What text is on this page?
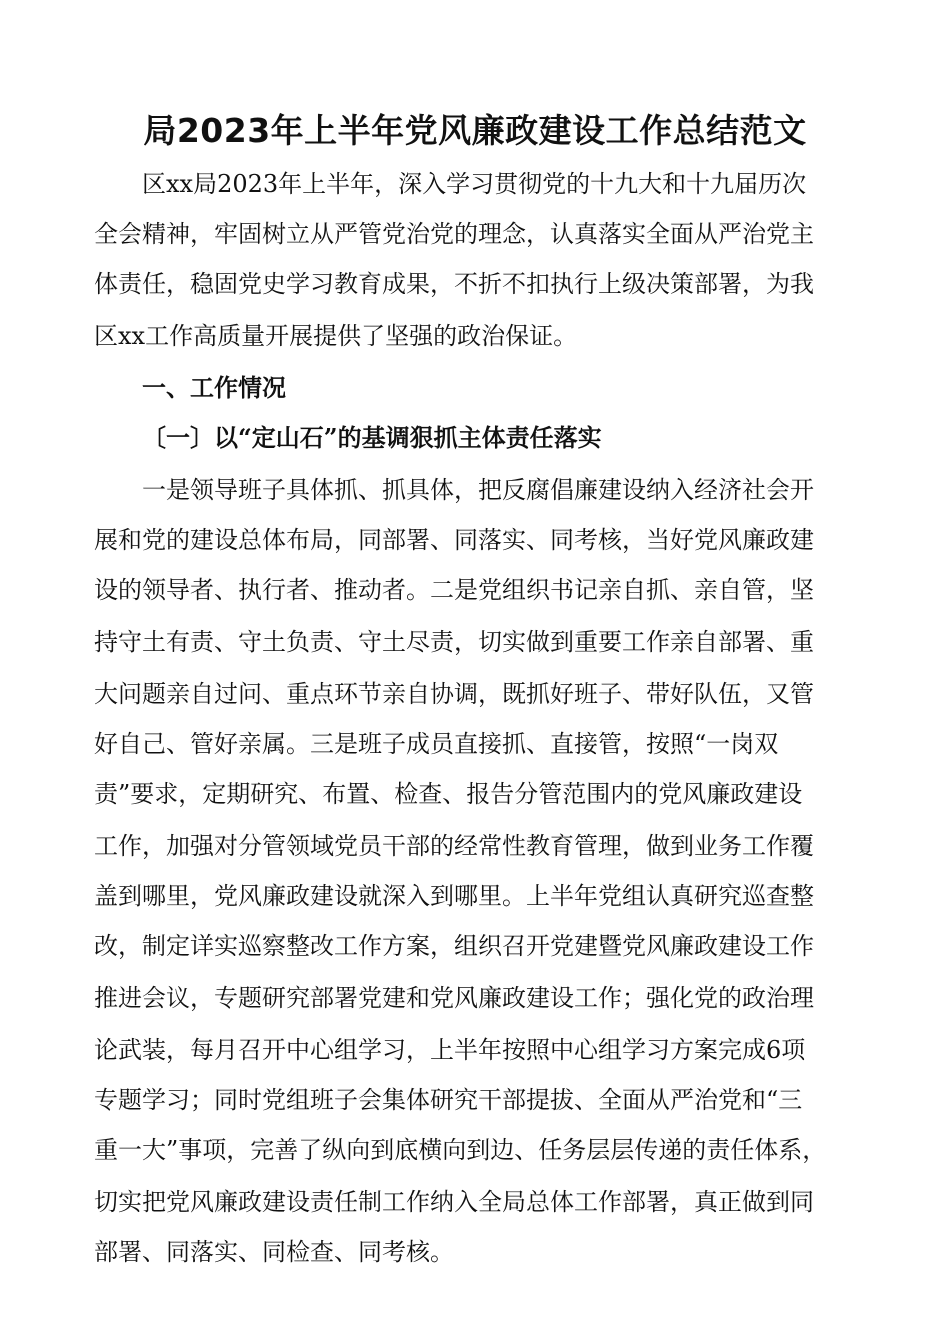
局2023年上半年党风廉政建设工作总结范文
区xx局2023年上半年，深入学习贯彻党的十九大和十九届历次
全会精神，牢固树立从严管党治党的理念，认真落实全面从严治党主
体责任，稳固党史学习教育成果，不折不扣执行上级决策部署，为我
区xx工作高质量开展提供了坚强的政治保证。
一、工作情况
〔一〕以“定山石”的基调狠抓主体责任落实
一是领导班子具体抓、抓具体，把反腐倡廉建设纳入经济社会开
展和党的建设总体布局，同部署、同落实、同考核，当好党风廉政建
设的领导者、执行者、推动者。二是党组织书记亲自抓、亲自管，坚
持守土有责、守土负责、守土尽责，切实做到重要工作亲自部署、重
大问题亲自过问、重点环节亲自协调，既抓好班子、带好队伍，又管
好自己、管好亲属。三是班子成员直接抓、直接管，按照“一岗双
责”要求，定期研究、布置、检查、报告分管范围内的党风廉政建设
工作，加强对分管领域党员干部的经常性教育管理，做到业务工作覆
盖到哪里，党风廉政建设就深入到哪里。上半年党组认真研究巡查整
改，制定详实巡察整改工作方案，组织召开党建暨党风廉政建设工作
推进会议，专题研究部署党建和党风廉政建设工作；强化党的政治理
论武装，每月召开中心组学习，上半年按照中心组学习方案完成6项
专题学习；同时党组班子会集体研究干部提拔、全面从严治党和“三
重一大”事项，完善了纵向到底横向到边、任务层层传递的责任体系，
切实把党风廉政建设责任制工作纳入全局总体工作部署，真正做到同
部署、同落实、同检查、同考核。
